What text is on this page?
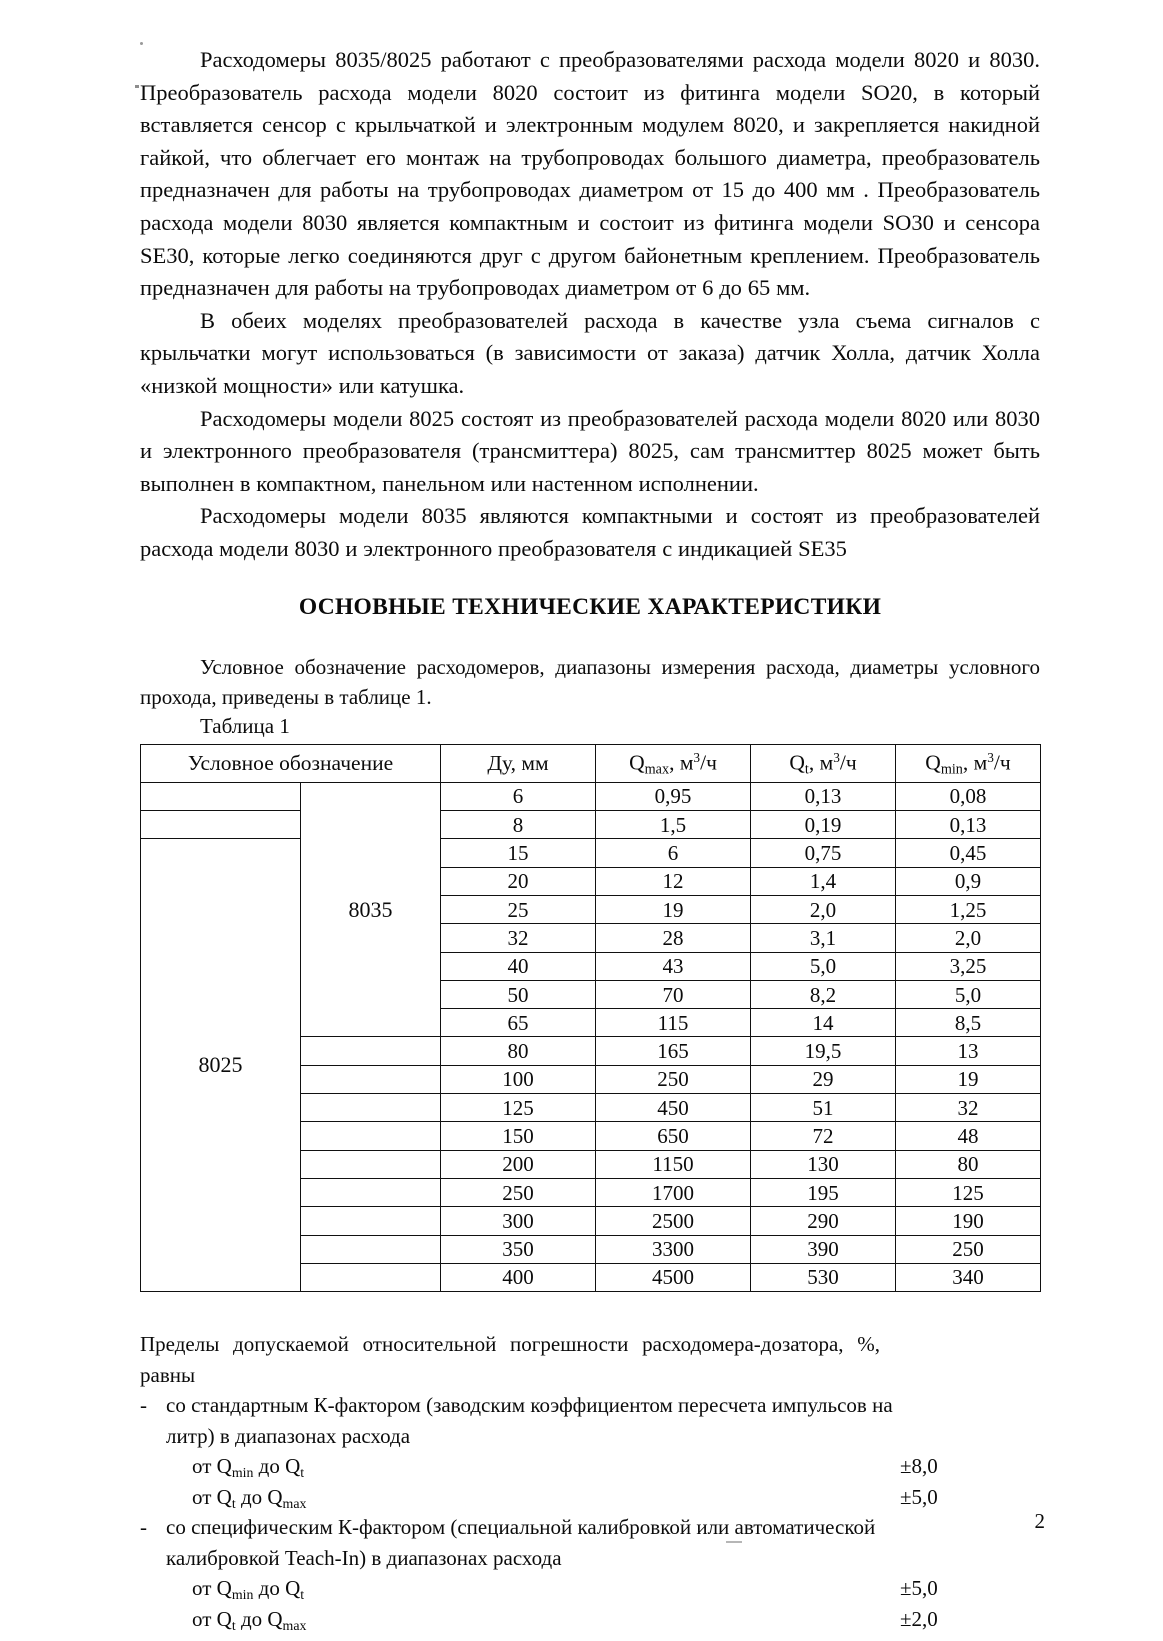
Расходомеры 8035/8025 работают с преобразователями расхода модели 8020 и 8030. Преобразователь расхода модели 8020 состоит из фитинга модели SO20, в который вставляется сенсор с крыльчаткой и электронным модулем 8020, и закрепляется накидной гайкой, что облегчает его монтаж на трубопроводах большого диаметра, преобразователь предназначен для работы на трубопроводах диаметром от 15 до 400 мм . Преобразователь расхода модели 8030 является компактным и состоит из фитинга модели SO30 и сенсора SE30, которые легко соединяются друг с другом байонетным креплением. Преобразователь предназначен для работы на трубопроводах диаметром от 6 до 65 мм.

В обеих моделях преобразователей расхода в качестве узла съема сигналов с крыльчатки могут использоваться (в зависимости от заказа) датчик Холла, датчик Холла «низкой мощности» или катушка.

Расходомеры модели 8025 состоят из преобразователей расхода модели 8020 или 8030 и электронного преобразователя (трансмиттера) 8025, сам трансмиттер 8025 может быть выполнен в компактном, панельном или настенном исполнении.

Расходомеры модели 8035 являются компактными и состоят из преобразователей расхода модели 8030 и электронного преобразователя с индикацией SE35

ОСНОВНЫЕ ТЕХНИЧЕСКИЕ ХАРАКТЕРИСТИКИ

Условное обозначение расходомеров, диапазоны измерения расхода, диаметры условного прохода, приведены в таблице 1.

Таблица 1
Условное обозначение		Ду, мм	$Q_{max}$, $м^3/ч$	$Q_t$, $м^3/ч$	$Q_{min}$, $м^3/ч$
	8035	6	0,95	0,13	0,08
		8	1,5	0,19	0,13
8025		15	6	0,75	0,45
		20	12	1,4	0,9
		25	19	2,0	1,25
		32	28	3,1	2,0
		40	43	5,0	3,25
		50	70	8,2	5,0
		65	115	14	8,5
		80	165	19,5	13
		100	250	29	19
		125	450	51	32
		150	650	72	48
		200	1150	130	80
		250	1700	195	125
		300	2500	290	190
		350	3300	390	250
		400	4500	530	340

Пределы допускаемой относительной погрешности расходомера-дозатора, %, равны

- со стандартным К-фактором (заводским коэффициентом пересчета импульсов на литр) в диапазонах расхода

от $Q_{min}$ до $Q_t$	±8,0
от $Q_t$ до $Q_{max}$	±5,0

- со специфическим К-фактором (специальной калибровкой или автоматической калибровкой Teach-In) в диапазонах расхода

от $Q_{min}$ до $Q_t$	±5,0
от $Q_t$ до $Q_{max}$	±2,0
2
